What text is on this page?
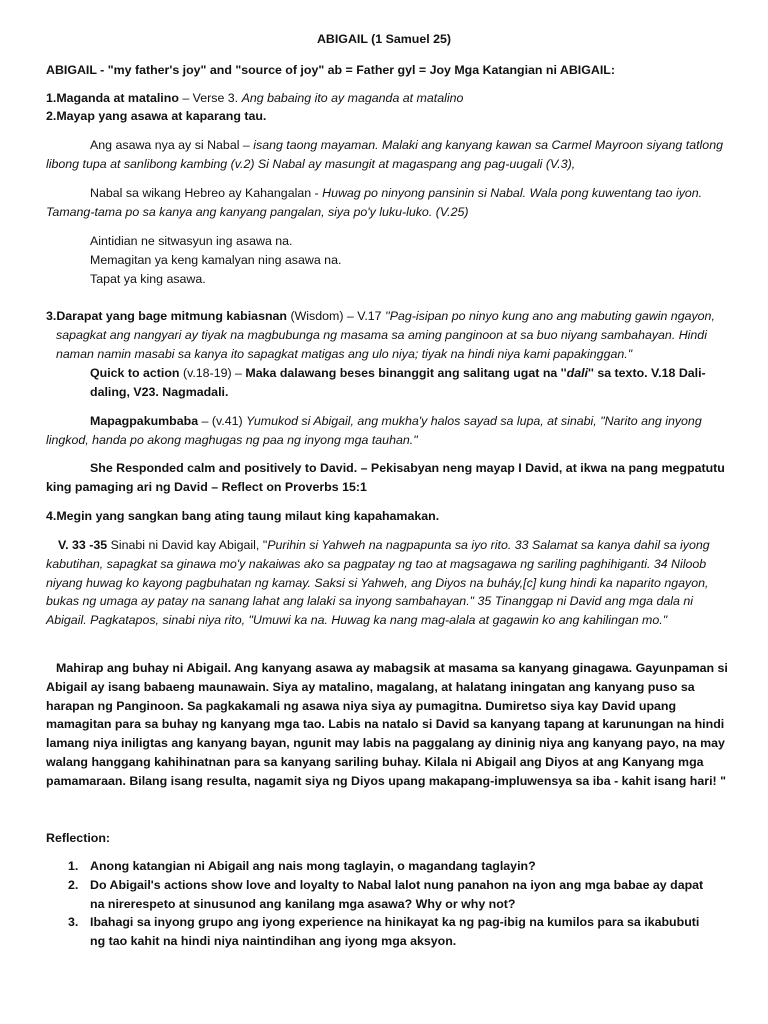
ABIGAIL (1 Samuel 25)

ABIGAIL - "my father's joy" and "source of joy" ab = Father gyl = Joy Mga Katangian ni ABIGAIL:

1.Maganda at matalino – Verse 3. Ang babaing ito ay maganda at matalino

2.Mayap yang asawa at kaparang tau.

Ang asawa nya ay si Nabal – isang taong mayaman. Malaki ang kanyang kawan sa Carmel Mayroon siyang tatlong libong tupa at sanlibong kambing (v.2) Si Nabal ay masungit at magaspang ang pag-uugali (V.3),

Nabal sa wikang Hebreo ay Kahangalan - Huwag po ninyong pansinin si Nabal. Wala pong kuwentang tao iyon. Tamang-tama po sa kanya ang kanyang pangalan, siya po'y luku-luko. (V.25)

Aintidian ne sitwasyun ing asawa na.
Memagitan ya keng kamalyan ning asawa na.
Tapat ya king asawa.

3.Darapat yang bage mitmung kabiasnan (Wisdom) – V.17 ''Pag-isipan po ninyo kung ano ang mabuting gawin ngayon, sapagkat ang nangyari ay tiyak na magbubunga ng masama sa aming panginoon at sa buo niyang sambahayan. Hindi naman namin masabi sa kanya ito sapagkat matigas ang ulo niya; tiyak na hindi niya kami papakinggan."

Quick to action (v.18-19) – Maka dalawang beses binanggit ang salitang ugat na ''dali'' sa texto. V.18 Dali-daling, V23. Nagmadali.

Mapagpakumbaba – (v.41) Yumukod si Abigail, ang mukha'y halos sayad sa lupa, at sinabi, "Narito ang inyong lingkod, handa po akong maghugas ng paa ng inyong mga tauhan."

She Responded calm and positively to David. – Pekisabyan neng mayap I David, at ikwa na pang megpatutu king pamaging ari ng David – Reflect on Proverbs 15:1

4.Megin yang sangkan bang ating taung milaut king kapahamakan.

V. 33 -35 Sinabi ni David kay Abigail, "Purihin si Yahweh na nagpapunta sa iyo rito. 33 Salamat sa kanya dahil sa iyong kabutihan, sapagkat sa ginawa mo'y nakaiwas ako sa pagpatay ng tao at magsagawa ng sariling paghihiganti. 34 Niloob niyang huwag ko kayong pagbuhatan ng kamay. Saksi si Yahweh, ang Diyos na buháy,[c] kung hindi ka naparito ngayon, bukas ng umaga ay patay na sanang lahat ang lalaki sa inyong sambahayan." 35 Tinanggap ni David ang mga dala ni Abigail. Pagkatapos, sinabi niya rito, "Umuwi ka na. Huwag ka nang mag-alala at gagawin ko ang kahilingan mo."

Mahirap ang buhay ni Abigail. Ang kanyang asawa ay mabagsik at masama sa kanyang ginagawa. Gayunpaman si Abigail ay isang babaeng maunawain. Siya ay matalino, magalang, at halatang iningatan ang kanyang puso sa harapan ng Panginoon. Sa pagkakamali ng asawa niya siya ay pumagitna. Dumiretso siya kay David upang mamagitan para sa buhay ng kanyang mga tao. Labis na natalo si David sa kanyang tapang at karunungan na hindi lamang niya iniligtas ang kanyang bayan, ngunit may labis na paggalang ay dininig niya ang kanyang payo, na may walang hanggang kahihinatnan para sa kanyang sariling buhay. Kilala ni Abigail ang Diyos at ang Kanyang mga pamamaraan. Bilang isang resulta, nagamit siya ng Diyos upang makapang-impluwensya sa iba - kahit isang hari! "

Reflection:

1. Anong katangian ni Abigail ang nais mong taglayin, o magandang taglayin?
2. Do Abigail's actions show love and loyalty to Nabal lalot nung panahon na iyon ang mga babae ay dapat na nirerespeto at sinusunod ang kanilang mga asawa? Why or why not?
3. Ibahagi sa inyong grupo ang iyong experience na hinikayat ka ng pag-ibig na kumilos para sa ikabubuti ng tao kahit na hindi niya naintindihan ang iyong mga aksyon.
